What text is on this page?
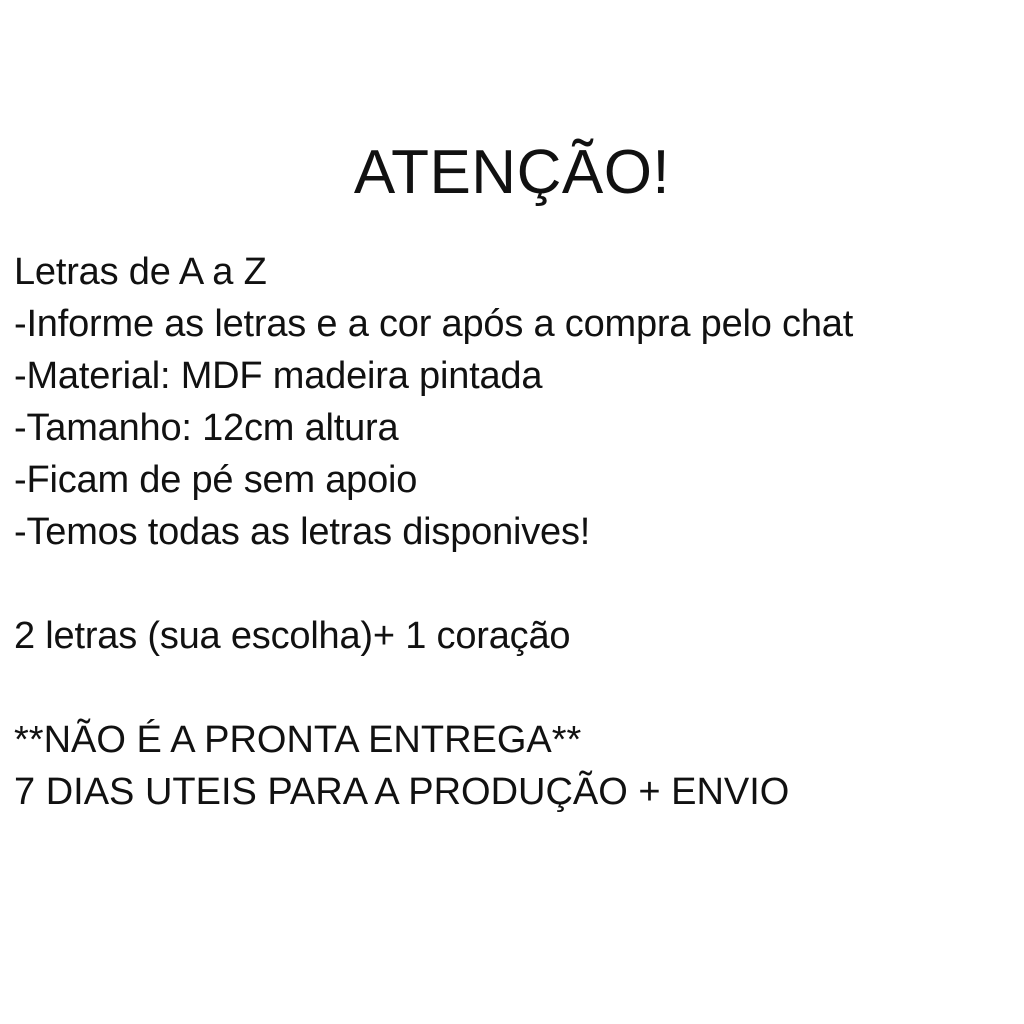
ATENÇÃO!
Letras de A a Z
-Informe as letras e a cor após a compra pelo chat
-Material: MDF madeira pintada
-Tamanho: 12cm altura
-Ficam de pé sem apoio
-Temos todas as letras disponives!
2 letras (sua escolha)+ 1 coração
**NÃO É A PRONTA ENTREGA**
7 DIAS UTEIS PARA A PRODUÇÃO + ENVIO
